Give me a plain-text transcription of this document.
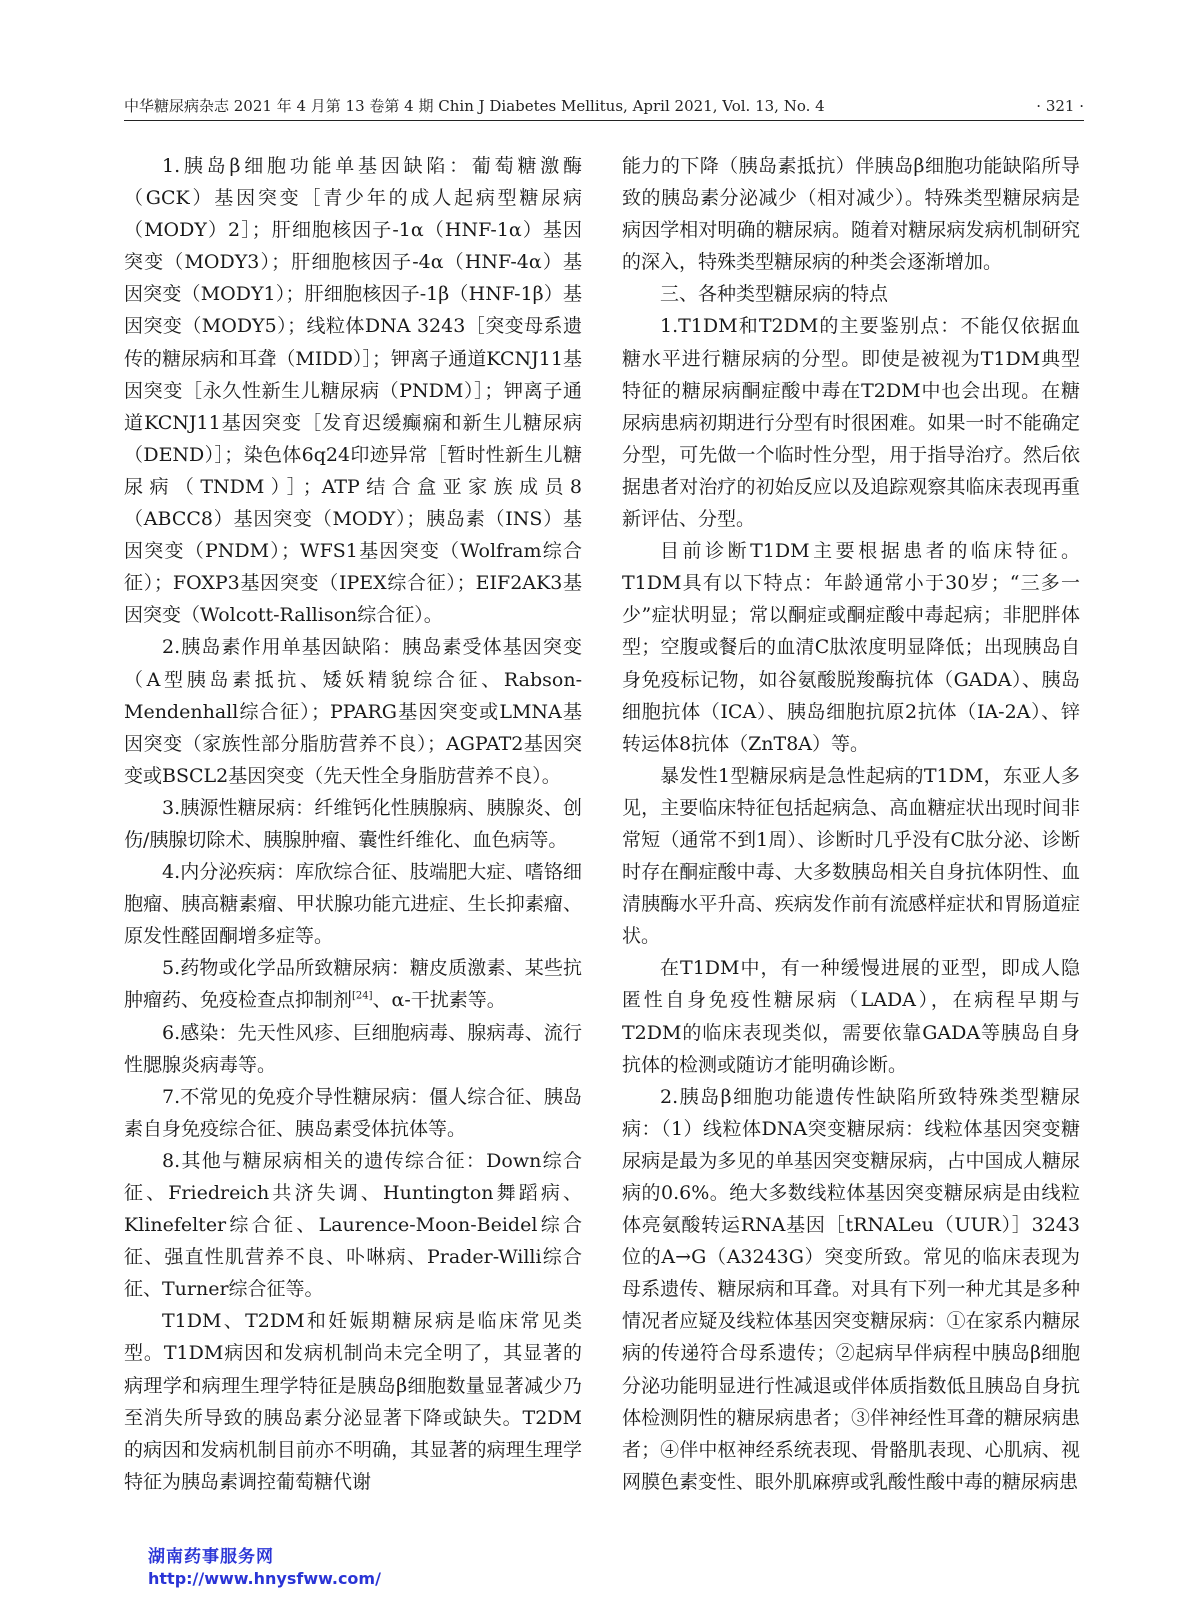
中华糖尿病杂志 2021 年 4 月第 13 卷第 4 期 Chin J Diabetes Mellitus, April 2021, Vol. 13, No. 4	· 321 ·

1.胰岛β细胞功能单基因缺陷：葡萄糖激酶（GCK）基因突变［青少年的成人起病型糖尿病（MODY）2］；肝细胞核因子-1α（HNF-1α）基因突变（MODY3）；肝细胞核因子-4α（HNF-4α）基因突变（MODY1）；肝细胞核因子-1β（HNF-1β）基因突变（MODY5）；线粒体DNA 3243［突变母系遗传的糖尿病和耳聋（MIDD）］；钾离子通道KCNJ11基因突变［永久性新生儿糖尿病（PNDM）］；钾离子通道KCNJ11基因突变［发育迟缓癫痫和新生儿糖尿病（DEND）］；染色体6q24印迹异常［暂时性新生儿糖尿病（TNDM）］；ATP结合盒亚家族成员8（ABCC8）基因突变（MODY）；胰岛素（INS）基因突变（PNDM）；WFS1基因突变（Wolfram综合征）；FOXP3基因突变（IPEX综合征）；EIF2AK3基因突变（Wolcott-Rallison综合征）。

2.胰岛素作用单基因缺陷：胰岛素受体基因突变（A型胰岛素抵抗、矮妖精貌综合征、Rabson-Mendenhall综合征）；PPARG基因突变或LMNA基因突变（家族性部分脂肪营养不良）；AGPAT2基因突变或BSCL2基因突变（先天性全身脂肪营养不良）。

3.胰源性糖尿病：纤维钙化性胰腺病、胰腺炎、创伤/胰腺切除术、胰腺肿瘤、囊性纤维化、血色病等。

4.内分泌疾病：库欣综合征、肢端肥大症、嗜铬细胞瘤、胰高糖素瘤、甲状腺功能亢进症、生长抑素瘤、原发性醛固酮增多症等。

5.药物或化学品所致糖尿病：糖皮质激素、某些抗肿瘤药、免疫检查点抑制剂[24]、α-干扰素等。

6.感染：先天性风疹、巨细胞病毒、腺病毒、流行性腮腺炎病毒等。

7.不常见的免疫介导性糖尿病：僵人综合征、胰岛素自身免疫综合征、胰岛素受体抗体等。

8.其他与糖尿病相关的遗传综合征：Down综合征、Friedreich共济失调、Huntington舞蹈病、Klinefelter综合征、Laurence-Moon-Beidel综合征、强直性肌营养不良、卟啉病、Prader-Willi综合征、Turner综合征等。

T1DM、T2DM和妊娠期糖尿病是临床常见类型。T1DM病因和发病机制尚未完全明了，其显著的病理学和病理生理学特征是胰岛β细胞数量显著减少乃至消失所导致的胰岛素分泌显著下降或缺失。T2DM的病因和发病机制目前亦不明确，其显著的病理生理学特征为胰岛素调控葡萄糖代谢

能力的下降（胰岛素抵抗）伴胰岛β细胞功能缺陷所导致的胰岛素分泌减少（相对减少）。特殊类型糖尿病是病因学相对明确的糖尿病。随着对糖尿病发病机制研究的深入，特殊类型糖尿病的种类会逐渐增加。

三、各种类型糖尿病的特点

1.T1DM和T2DM的主要鉴别点：不能仅依据血糖水平进行糖尿病的分型。即使是被视为T1DM典型特征的糖尿病酮症酸中毒在T2DM中也会出现。在糖尿病患病初期进行分型有时很困难。如果一时不能确定分型，可先做一个临时性分型，用于指导治疗。然后依据患者对治疗的初始反应以及追踪观察其临床表现再重新评估、分型。

目前诊断T1DM主要根据患者的临床特征。T1DM具有以下特点：年龄通常小于30岁；“三多一少”症状明显；常以酮症或酮症酸中毒起病；非肥胖体型；空腹或餐后的血清C肽浓度明显降低；出现胰岛自身免疫标记物，如谷氨酸脱羧酶抗体（GADA）、胰岛细胞抗体（ICA）、胰岛细胞抗原2抗体（IA-2A）、锌转运体8抗体（ZnT8A）等。

暴发性1型糖尿病是急性起病的T1DM，东亚人多见，主要临床特征包括起病急、高血糖症状出现时间非常短（通常不到1周）、诊断时几乎没有C肽分泌、诊断时存在酮症酸中毒、大多数胰岛相关自身抗体阴性、血清胰酶水平升高、疾病发作前有流感样症状和胃肠道症状。

在T1DM中，有一种缓慢进展的亚型，即成人隐匿性自身免疫性糖尿病（LADA），在病程早期与T2DM的临床表现类似，需要依靠GADA等胰岛自身抗体的检测或随访才能明确诊断。

2.胰岛β细胞功能遗传性缺陷所致特殊类型糖尿病：（1）线粒体DNA突变糖尿病：线粒体基因突变糖尿病是最为多见的单基因突变糖尿病，占中国成人糖尿病的0.6%。绝大多数线粒体基因突变糖尿病是由线粒体亮氨酸转运RNA基因［tRNALeu（UUR）］3243位的A→G（A3243G）突变所致。常见的临床表现为母系遗传、糖尿病和耳聋。对具有下列一种尤其是多种情况者应疑及线粒体基因突变糖尿病：①在家系内糖尿病的传递符合母系遗传；②起病早伴病程中胰岛β细胞分泌功能明显进行性减退或伴体质指数低且胰岛自身抗体检测阴性的糖尿病患者；③伴神经性耳聋的糖尿病患者；④伴中枢神经系统表现、骨骼肌表现、心肌病、视网膜色素变性、眼外肌麻痹或乳酸性酸中毒的糖尿病患

湖南药事服务网
http://www.hnysfww.com/
